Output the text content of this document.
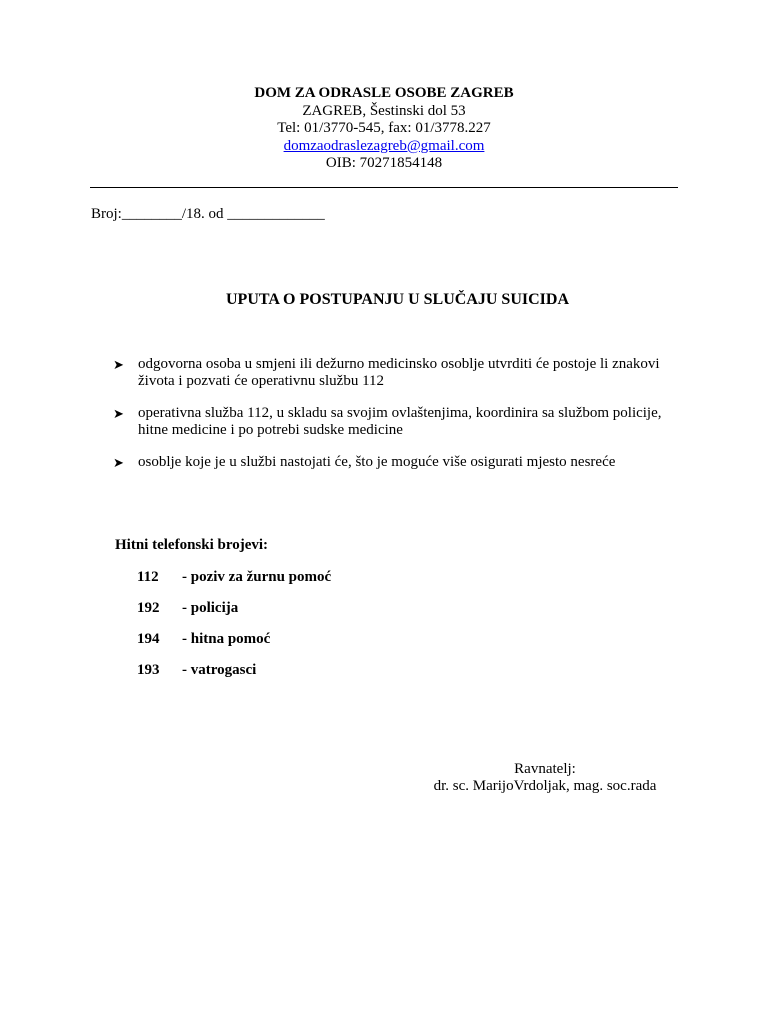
DOM ZA ODRASLE OSOBE ZAGREB
ZAGREB, Šestinski dol 53
Tel: 01/3770-545, fax: 01/3778.227
domzaodraslezagreb@gmail.com
OIB: 70271854148
Broj:________/18. od _____________
UPUTA O POSTUPANJU U SLUČAJU SUICIDA
➤ odgovorna osoba u smjeni ili dežurno medicinsko osoblje utvrditi će postoje li znakovi života i pozvati će operativnu službu 112
➤ operativna služba 112, u skladu sa svojim ovlaštenjima, koordinira sa službom policije, hitne medicine i po potrebi sudske medicine
➤ osoblje koje je u službi nastojati će, što je moguće više osigurati mjesto nesreće
Hitni telefonski brojevi:
112 - poziv za žurnu pomoć
192 - policija
194 - hitna pomoć
193 - vatrogasci
Ravnatelj:
dr. sc. MarijoVrdoljak, mag. soc.rada
